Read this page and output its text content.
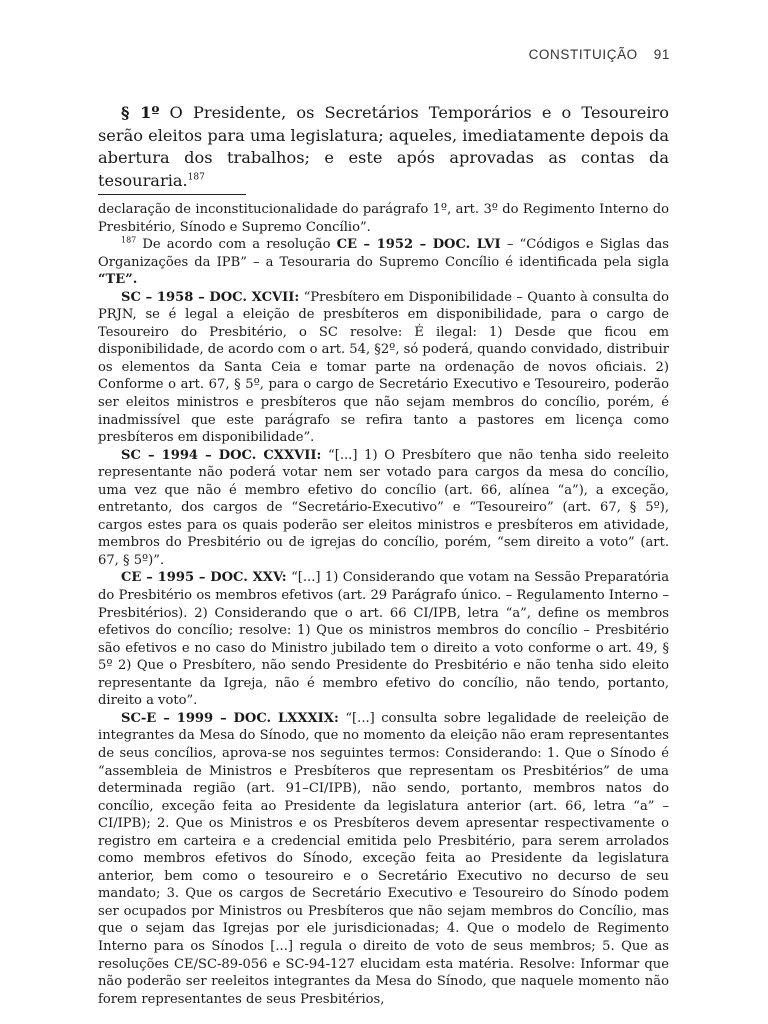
CONSTITUIÇÃO 91

§ 1º O Presidente, os Secretários Temporários e o Tesoureiro serão eleitos para uma legislatura; aqueles, imediatamente depois da abertura dos trabalhos; e este após aprovadas as contas da tesouraria.$^{187}$

declaração de inconstitucionalidade do parágrafo 1º, art. 3º do Regimento Interno do Presbitério, Sínodo e Supremo Concílio”.

$^{187}$ De acordo com a resolução CE – 1952 – DOC. LVI – “Códigos e Siglas das Organizações da IPB” – a Tesouraria do Supremo Concílio é identificada pela sigla “TE”.

SC – 1958 – DOC. XCVII: “Presbítero em Disponibilidade – Quanto à consulta do PRJN, se é legal a eleição de presbíteros em disponibilidade, para o cargo de Tesoureiro do Presbitério, o SC resolve: É ilegal: 1) Desde que ficou em disponibilidade, de acordo com o art. 54, §2º, só poderá, quando convidado, distribuir os elementos da Santa Ceia e tomar parte na ordenação de novos oficiais. 2) Conforme o art. 67, § 5º, para o cargo de Secretário Executivo e Tesoureiro, poderão ser eleitos ministros e presbíteros que não sejam membros do concílio, porém, é inadmissível que este parágrafo se refira tanto a pastores em licença como presbíteros em disponibilidade”.

SC – 1994 – DOC. CXXVII: “[...] 1) O Presbítero que não tenha sido reeleito representante não poderá votar nem ser votado para cargos da mesa do concílio, uma vez que não é membro efetivo do concílio (art. 66, alínea “a”), a exceção, entretanto, dos cargos de “Secretário-Executivo” e “Tesoureiro” (art. 67, § 5º), cargos estes para os quais poderão ser eleitos ministros e presbíteros em atividade, membros do Presbitério ou de igrejas do concílio, porém, “sem direito a voto” (art. 67, § 5º)”.

CE – 1995 – DOC. XXV: “[...] 1) Considerando que votam na Sessão Preparatória do Presbitério os membros efetivos (art. 29 Parágrafo único. – Regulamento Interno – Presbitérios). 2) Considerando que o art. 66 CI/IPB, letra “a”, define os membros efetivos do concílio; resolve: 1) Que os ministros membros do concílio – Presbitério são efetivos e no caso do Ministro jubilado tem o direito a voto conforme o art. 49, § 5º 2) Que o Presbítero, não sendo Presidente do Presbitério e não tenha sido eleito representante da Igreja, não é membro efetivo do concílio, não tendo, portanto, direito a voto”.

SC-E – 1999 – DOC. LXXXIX: “[...] consulta sobre legalidade de reeleição de integrantes da Mesa do Sínodo, que no momento da eleição não eram representantes de seus concílios, aprova-se nos seguintes termos: Considerando: 1. Que o Sínodo é “assembleia de Ministros e Presbíteros que representam os Presbitérios” de uma determinada região (art. 91–CI/IPB), não sendo, portanto, membros natos do concílio, exceção feita ao Presidente da legislatura anterior (art. 66, letra “a” – CI/IPB); 2. Que os Ministros e os Presbíteros devem apresentar respectivamente o registro em carteira e a credencial emitida pelo Presbitério, para serem arrolados como membros efetivos do Sínodo, exceção feita ao Presidente da legislatura anterior, bem como o tesoureiro e o Secretário Executivo no decurso de seu mandato; 3. Que os cargos de Secretário Executivo e Tesoureiro do Sínodo podem ser ocupados por Ministros ou Presbíteros que não sejam membros do Concílio, mas que o sejam das Igrejas por ele jurisdicionadas; 4. Que o modelo de Regimento Interno para os Sínodos [...] regula o direito de voto de seus membros; 5. Que as resoluções CE/SC-89-056 e SC-94-127 elucidam esta matéria. Resolve: Informar que não poderão ser reeleitos integrantes da Mesa do Sínodo, que naquele momento não forem representantes de seus Presbitérios,
